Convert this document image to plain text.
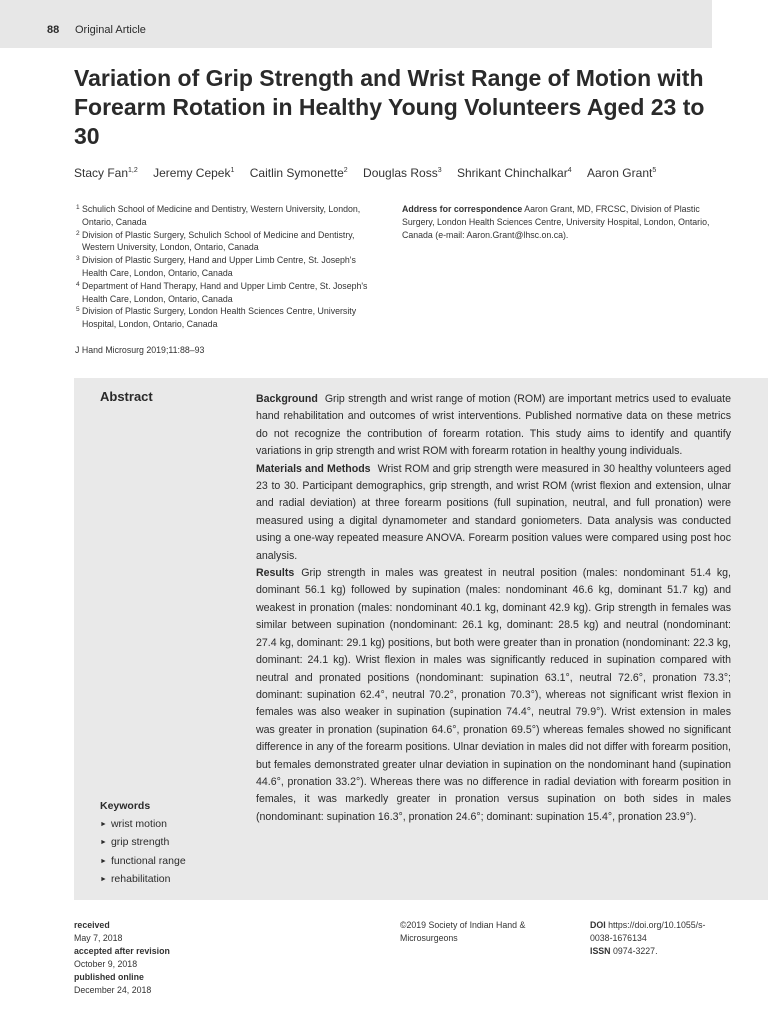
88 Original Article
Variation of Grip Strength and Wrist Range of Motion with Forearm Rotation in Healthy Young Volunteers Aged 23 to 30
Stacy Fan$^{1,2}$ Jeremy Cepek$^1$ Caitlin Symonette$^2$ Douglas Ross$^3$ Shrikant Chinchalkar$^4$ Aaron Grant$^5$
1 Schulich School of Medicine and Dentistry, Western University, London, Ontario, Canada
2 Division of Plastic Surgery, Schulich School of Medicine and Dentistry, Western University, London, Ontario, Canada
3 Division of Plastic Surgery, Hand and Upper Limb Centre, St. Joseph's Health Care, London, Ontario, Canada
4 Department of Hand Therapy, Hand and Upper Limb Centre, St. Joseph's Health Care, London, Ontario, Canada
5 Division of Plastic Surgery, London Health Sciences Centre, University Hospital, London, Ontario, Canada
Address for correspondence Aaron Grant, MD, FRCSC, Division of Plastic Surgery, London Health Sciences Centre, University Hospital, London, Ontario, Canada (e-mail: Aaron.Grant@lhsc.on.ca).
J Hand Microsurg 2019;11:88–93
Abstract	Background Grip strength and wrist range of motion (ROM) are important metrics used to evaluate hand rehabilitation and outcomes of wrist interventions. Published normative data on these metrics do not recognize the contribution of forearm rotation. This study aims to identify and quantify variations in grip strength and wrist ROM with forearm rotation in healthy young individuals.

Materials and Methods Wrist ROM and grip strength were measured in 30 healthy volunteers aged 23 to 30. Participant demographics, grip strength, and wrist ROM (wrist flexion and extension, ulnar and radial deviation) at three forearm positions (full supination, neutral, and full pronation) were measured using a digital dynamometer and standard goniometers. Data analysis was conducted using a one-way repeated measure ANOVA. Forearm position values were compared using post hoc analysis.

Results Grip strength in males was greatest in neutral position (males: nondominant 51.4 kg, dominant 56.1 kg) followed by supination (males: nondominant 46.6 kg, dominant 51.7 kg) and weakest in pronation (males: nondominant 40.1 kg, dominant 42.9 kg). Grip strength in females was similar between supination (nondominant: 26.1 kg, dominant: 28.5 kg) and neutral (nondominant: 27.4 kg, dominant: 29.1 kg) positions, but both were greater than in pronation (nondominant: 22.3 kg, dominant: 24.1 kg). Wrist flexion in males was significantly reduced in supination compared with neutral and pronated positions (nondominant: supination 63.1°, neutral 72.6°, pronation 73.3°; dominant: supination 62.4°, neutral 70.2°, pronation 70.3°), whereas not significant wrist flexion in females was also weaker in supination (supination 74.4°, neutral 79.9°). Wrist extension in males was greater in pronation (supination 64.6°, pronation 69.5°) whereas females showed no significant difference in any of the forearm positions. Ulnar deviation in males did not differ with forearm position, but females demonstrated greater ulnar deviation in supination on the nondominant hand (supination 44.6°, pronation 33.2°). Whereas there was no difference in radial deviation with forearm position in females, it was markedly greater in pronation versus supination on both sides in males (nondominant: supination 16.3°, pronation 24.6°; dominant: supination 15.4°, pronation 23.9°).

Keywords
► wrist motion
► grip strength
► functional range
► rehabilitation
received
May 7, 2018
accepted after revision
October 9, 2018
published online
December 24, 2018
©2019 Society of Indian Hand & Microsurgeons
DOI https://doi.org/10.1055/s-0038-1676134
ISSN 0974-3227.
